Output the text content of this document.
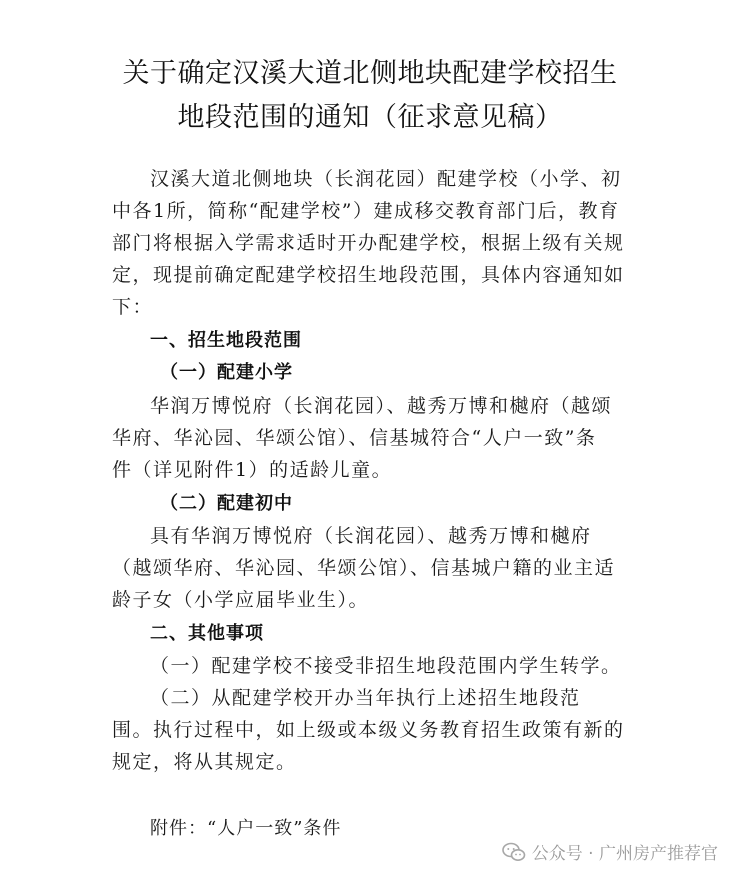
关于确定汉溪大道北侧地块配建学校招生
地段范围的通知（征求意见稿）
汉溪大道北侧地块（长润花园）配建学校（小学、初
中各1所，简称“配建学校”）建成移交教育部门后，教育
部门将根据入学需求适时开办配建学校，根据上级有关规
定，现提前确定配建学校招生地段范围，具体内容通知如
下：
一、招生地段范围
（一）配建小学
华润万博悦府（长润花园）、越秀万博和樾府（越颂
华府、华沁园、华颂公馆）、信基城符合“人户一致”条
件（详见附件1）的适龄儿童。
（二）配建初中
具有华润万博悦府（长润花园）、越秀万博和樾府
（越颂华府、华沁园、华颂公馆）、信基城户籍的业主适
龄子女（小学应届毕业生）。
二、其他事项
（一）配建学校不接受非招生地段范围内学生转学。
（二）从配建学校开办当年执行上述招生地段范
围。执行过程中，如上级或本级义务教育招生政策有新的
规定，将从其规定。
附件：“人户一致”条件
公众号 · 广州房产推荐官
